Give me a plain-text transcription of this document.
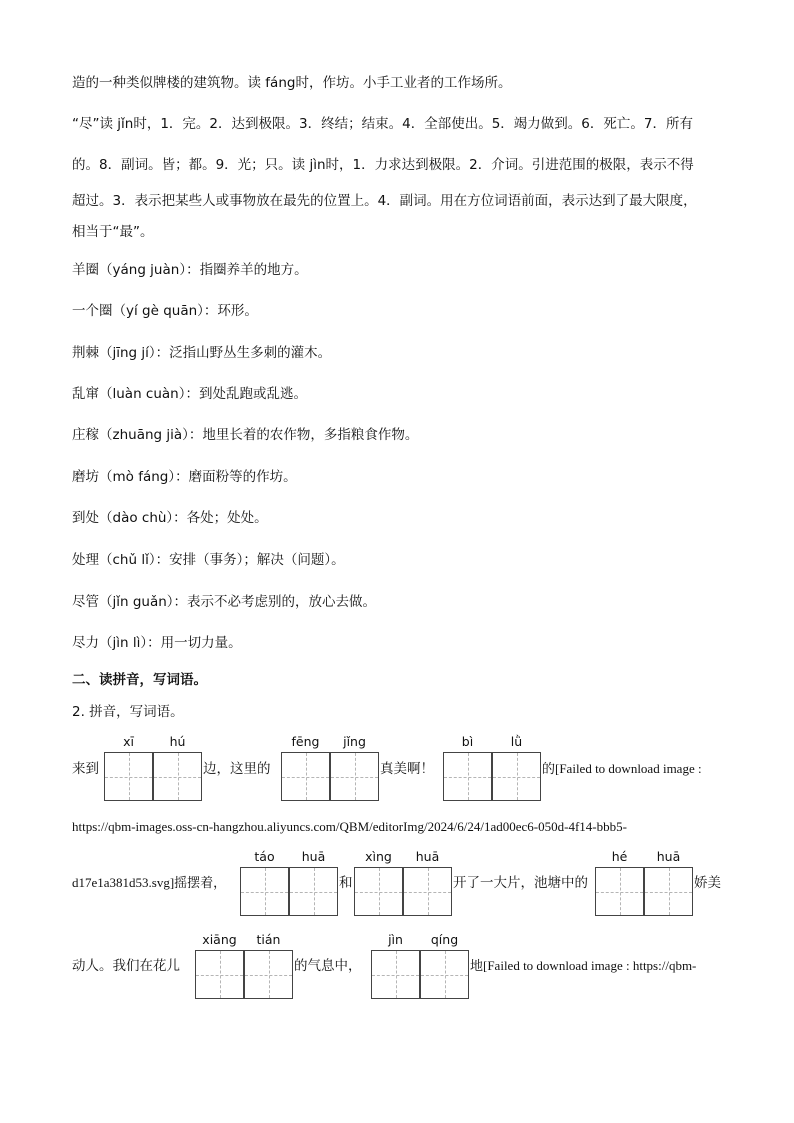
造的一种类似牌楼的建筑物。读 fáng时，作坊。小手工业者的工作场所。
“尽”读 jǐn时，1．完。2．达到极限。3．终结；结束。4．全部使出。5．竭力做到。6．死亡。7．所有
的。8．副词。皆；都。9．光；只。读 jìn时，1．力求达到极限。2．介词。引进范围的极限，表示不得
超过。3．表示把某些人或事物放在最先的位置上。4．副词。用在方位词语前面，表示达到了最大限度，
相当于“最”。
羊圈（yáng juàn）：指圈养羊的地方。
一个圈（yí gè quān）：环形。
荆棘（jīng jí）：泛指山野丛生多刺的灌木。
乱窜（luàn cuàn）：到处乱跑或乱逃。
庄稼（zhuāng jià）：地里长着的农作物，多指粮食作物。
磨坊（mò fáng）：磨面粉等的作坊。
到处（dào chù）：各处；处处。
处理（chǔ lǐ）：安排（事务）；解决（问题）。
尽管（jǐn guǎn）：表示不必考虑别的，放心去做。
尽力（jìn lì）：用一切力量。
二、读拼音，写词语。
2. 拼音，写词语。
xī	hú	fēng	jǐng	bì	lǜ
来到	边，这里的	真美啊！	的[Failed to download image :
https://qbm-images.oss-cn-hangzhou.aliyuncs.com/QBM/editorImg/2024/6/24/1ad00ec6-050d-4f14-bbb5-
táo	huā	xìng	huā	hé	huā
d17e1a381d53.svg]摇摆着，	和	开了一大片，池塘中的	娇美
xiāng	tián	jìn	qíng
动人。我们在花儿	的气息中，	地[Failed to download image : https://qbm-
